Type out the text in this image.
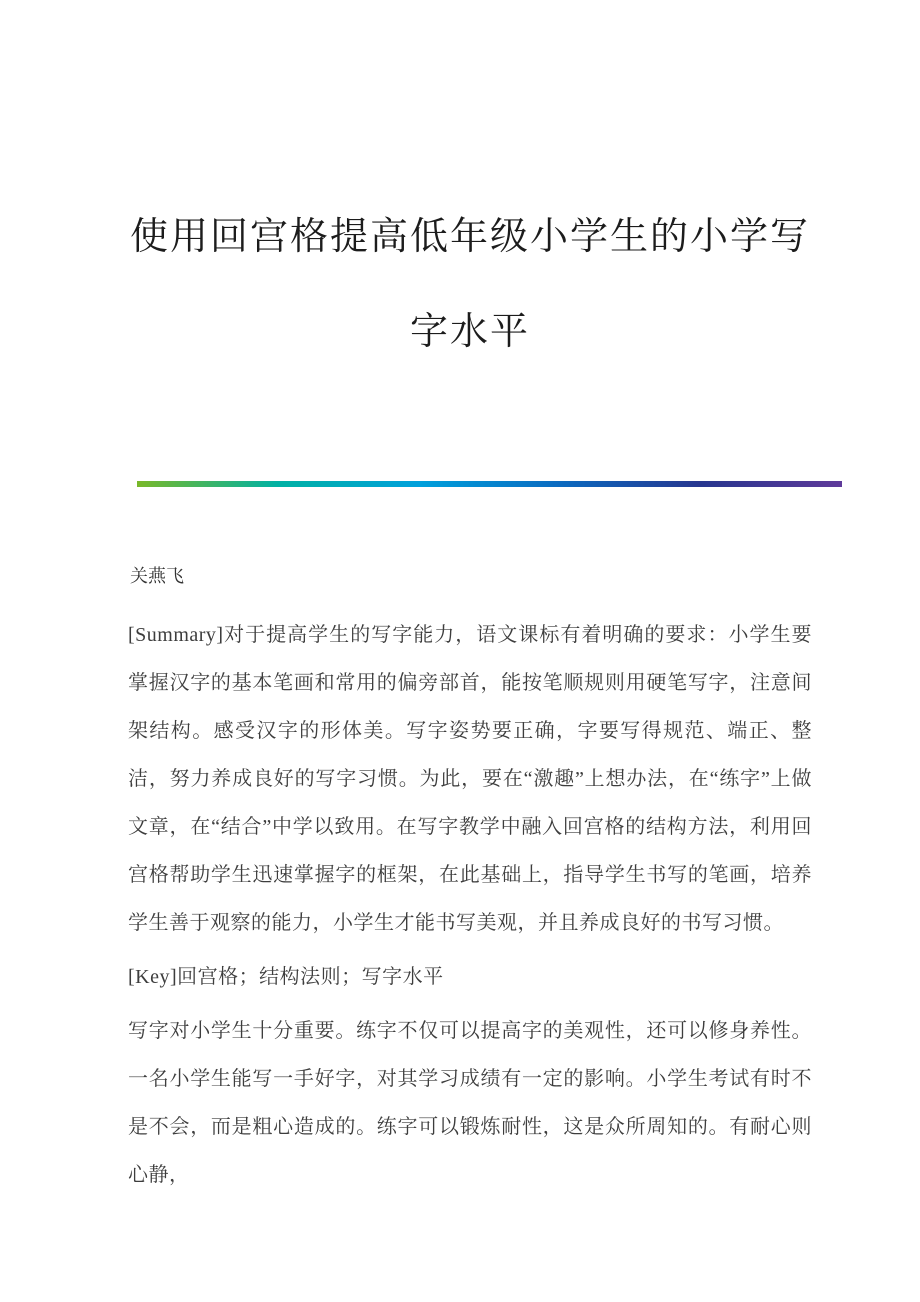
使用回宫格提高低年级小学生的小学写字水平
关燕飞

[Summary]对于提高学生的写字能力，语文课标有着明确的要求：小学生要掌握汉字的基本笔画和常用的偏旁部首，能按笔顺规则用硬笔写字，注意间架结构。感受汉字的形体美。写字姿势要正确，字要写得规范、端正、整洁，努力养成良好的写字习惯。为此，要在“激趣”上想办法，在“练字”上做文章，在“结合”中学以致用。在写字教学中融入回宫格的结构方法，利用回宫格帮助学生迅速掌握字的框架，在此基础上，指导学生书写的笔画，培养学生善于观察的能力，小学生才能书写美观，并且养成良好的书写习惯。

[Key]回宫格；结构法则；写字水平

写字对小学生十分重要。练字不仅可以提高字的美观性，还可以修身养性。一名小学生能写一手好字，对其学习成绩有一定的影响。小学生考试有时不是不会，而是粗心造成的。练字可以锻炼耐性，这是众所周知的。有耐心则心静，
